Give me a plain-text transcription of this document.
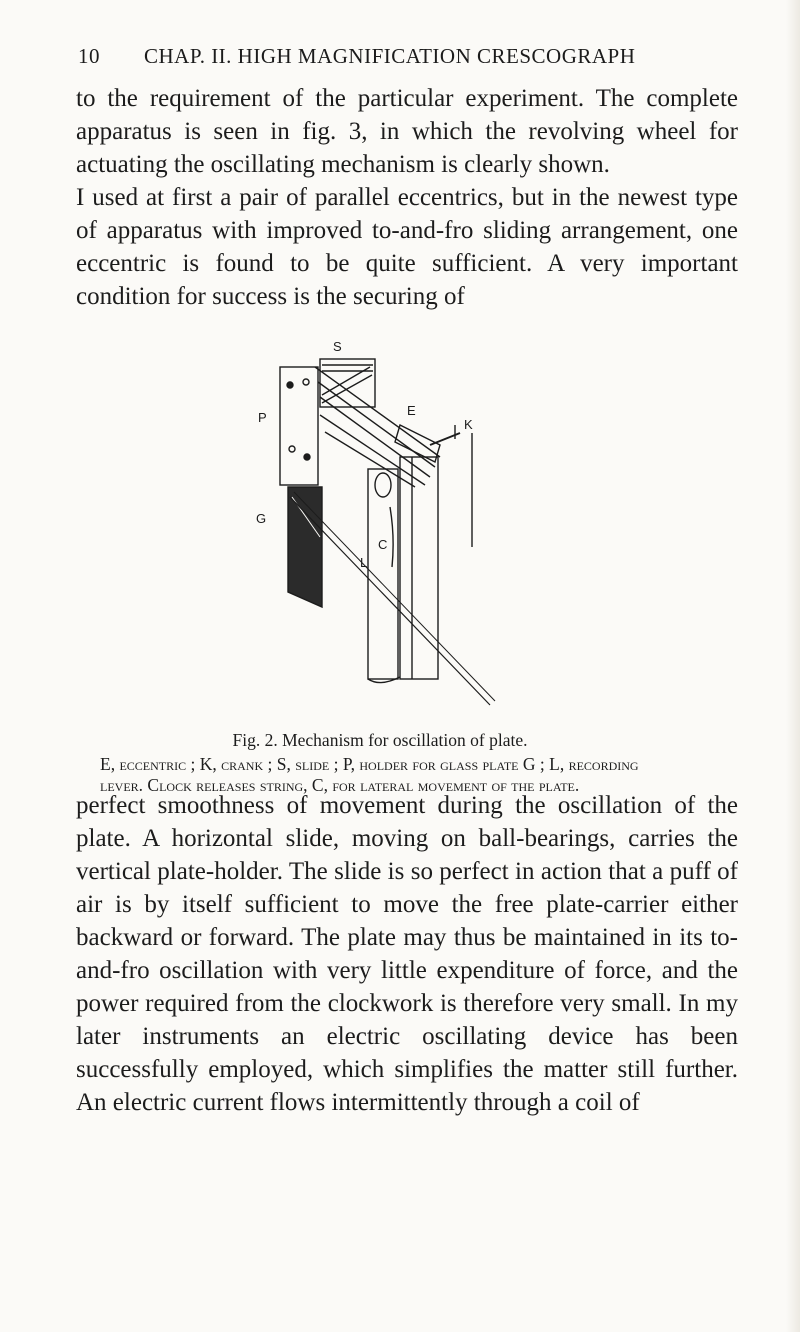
10 CHAP. II. HIGH MAGNIFICATION CRESCOGRAPH

to the requirement of the particular experiment. The complete apparatus is seen in fig. 3, in which the revolving wheel for actuating the oscillating mechanism is clearly shown.

I used at first a pair of parallel eccentrics, but in the newest type of apparatus with improved to-and-fro sliding arrangement, one eccentric is found to be quite sufficient. A very important condition for success is the securing of

S
P	E
K
G
C
L

Fig. 2. Mechanism for oscillation of plate.

E, eccentric ; K, crank ; S, slide ; P, holder for glass plate G ; L, recording lever. Clock releases string, C, for lateral movement of the plate.

perfect smoothness of movement during the oscillation of the plate. A horizontal slide, moving on ball-bearings, carries the vertical plate-holder. The slide is so perfect in action that a puff of air is by itself sufficient to move the free plate-carrier either backward or forward. The plate may thus be maintained in its to-and-fro oscillation with very little expenditure of force, and the power required from the clockwork is therefore very small. In my later instruments an electric oscillating device has been successfully employed, which simplifies the matter still further. An electric current flows intermittently through a coil of
